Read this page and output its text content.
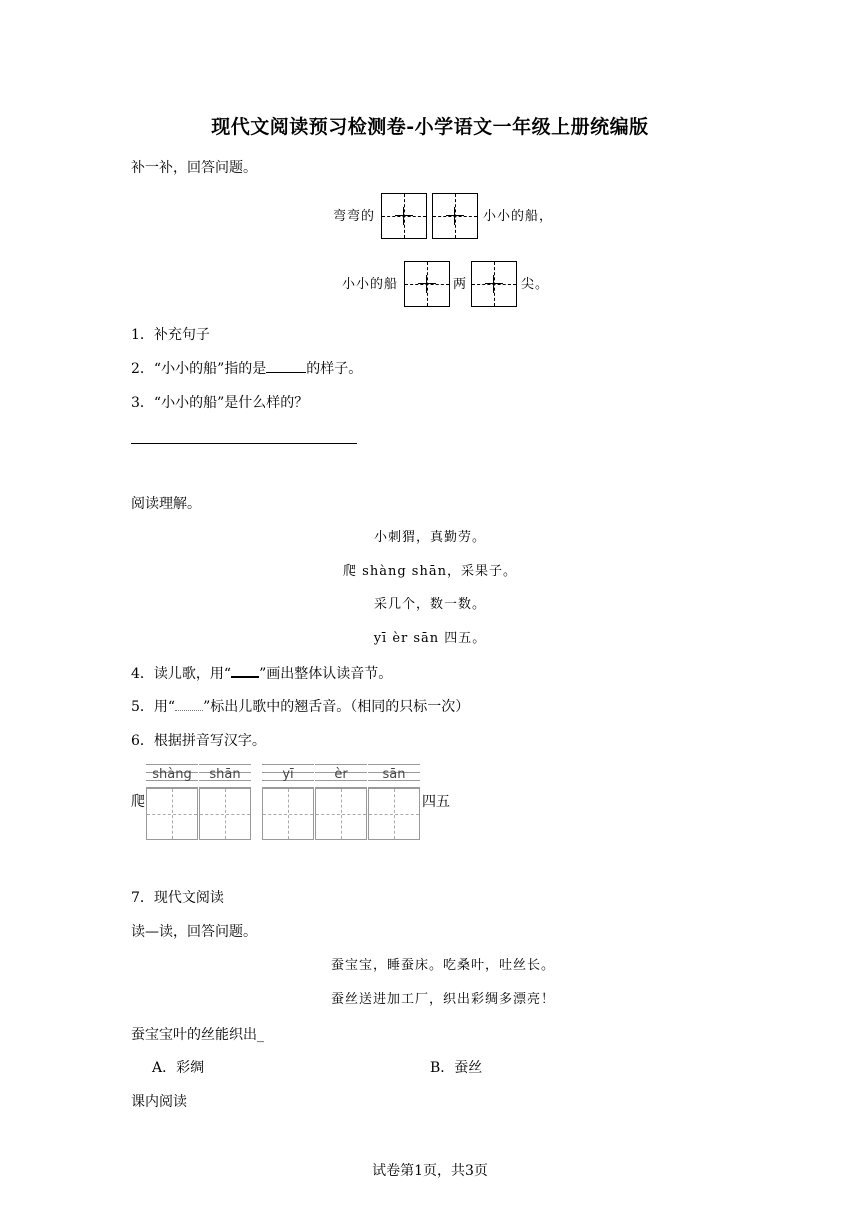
现代文阅读预习检测卷-小学语文一年级上册统编版
补一补，回答问题。
弯弯的	小小的船，
小小的船	两	尖。
1．补充句子
2．“小小的船”指的是	的样子。
3．“小小的船”是什么样的？
阅读理解。
小刺猬，真勤劳。
爬 shàng shān，采果子。
采几个，数一数。
yī èr sān 四五。
4．读儿歌，用“ ”画出整体认读音节。
5．用“ ”标出儿歌中的翘舌音。（相同的只标一次）
6．根据拼音写汉字。
爬
shàng	shān	yī	èr	sān
四五
7．现代文阅读
读—读，回答问题。
蚕宝宝，睡蚕床。吃桑叶，吐丝长。
蚕丝送进加工厂，织出彩绸多漂亮！
蚕宝宝叶的丝能织出_
A．彩绸	B．蚕丝
课内阅读
试卷第1页，共3页
